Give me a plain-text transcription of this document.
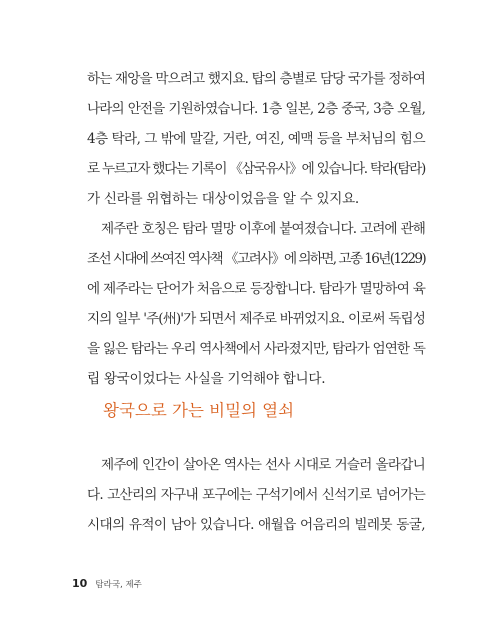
하는 재앙을 막으려고 했지요. 탑의 층별로 담당 국가를 정하여
나라의 안전을 기원하였습니다. 1층 일본, 2층 중국, 3층 오월,
4층 탁라, 그 밖에 말갈, 거란, 여진, 예맥 등을 부처님의 힘으
로 누르고자 했다는 기록이 《삼국유사》에 있습니다. 탁라(탐라)
가 신라를 위협하는 대상이었음을 알 수 있지요.

제주란 호칭은 탐라 멸망 이후에 붙여졌습니다. 고려에 관해
조선 시대에 쓰여진 역사책 《고려사》에 의하면, 고종 16년(1229)
에 제주라는 단어가 처음으로 등장합니다. 탐라가 멸망하여 육
지의 일부 '주(州)'가 되면서 제주로 바뀌었지요. 이로써 독립성
을 잃은 탐라는 우리 역사책에서 사라졌지만, 탐라가 엄연한 독
립 왕국이었다는 사실을 기억해야 합니다.

왕국으로 가는 비밀의 열쇠

제주에 인간이 살아온 역사는 선사 시대로 거슬러 올라갑니
다. 고산리의 자구내 포구에는 구석기에서 신석기로 넘어가는
시대의 유적이 남아 있습니다. 애월읍 어음리의 빌레못 동굴,

10 탐라국, 제주
